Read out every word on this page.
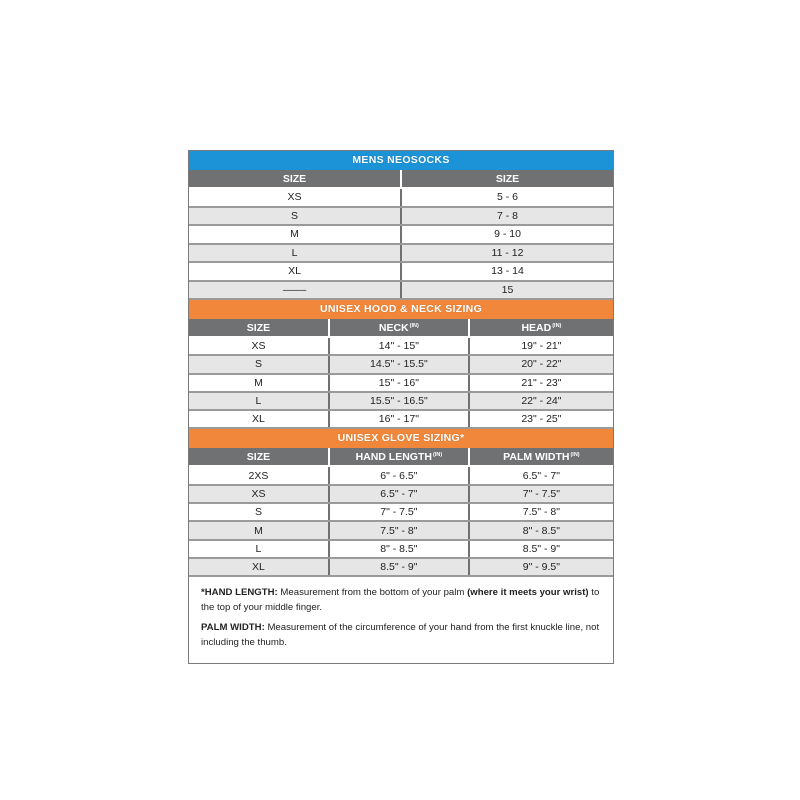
MENS NEOSOCKS
SIZE	SIZE
XS	5 - 6
S	7 - 8
M	9 - 10
L	11 - 12
XL	13 - 14
––––	15
UNISEX HOOD & NECK SIZING
SIZE	$NECK^{(IN)}$	$HEAD^{(IN)}$
XS	14" - 15"	19" - 21"
S	14.5" - 15.5"	20" - 22"
M	15" - 16"	21" - 23"
L	15.5" - 16.5"	22" - 24"
XL	16" - 17"	23" - 25"
UNISEX GLOVE SIZING*
SIZE	HAND $LENGTH^{(IN)}$	PALM $WIDTH^{(IN)}$
2XS	6" - 6.5"	6.5" - 7"
XS	6.5" - 7"	7" - 7.5"
S	7" - 7.5"	7.5" - 8"
M	7.5" - 8"	8" - 8.5"
L	8" - 8.5"	8.5" - 9"
XL	8.5" - 9"	9" - 9.5"

*HAND LENGTH: Measurement from the bottom of your palm (where it meets your wrist) to the top of your middle finger.

PALM WIDTH: Measurement of the circumference of your hand from the first knuckle line, not including the thumb.
